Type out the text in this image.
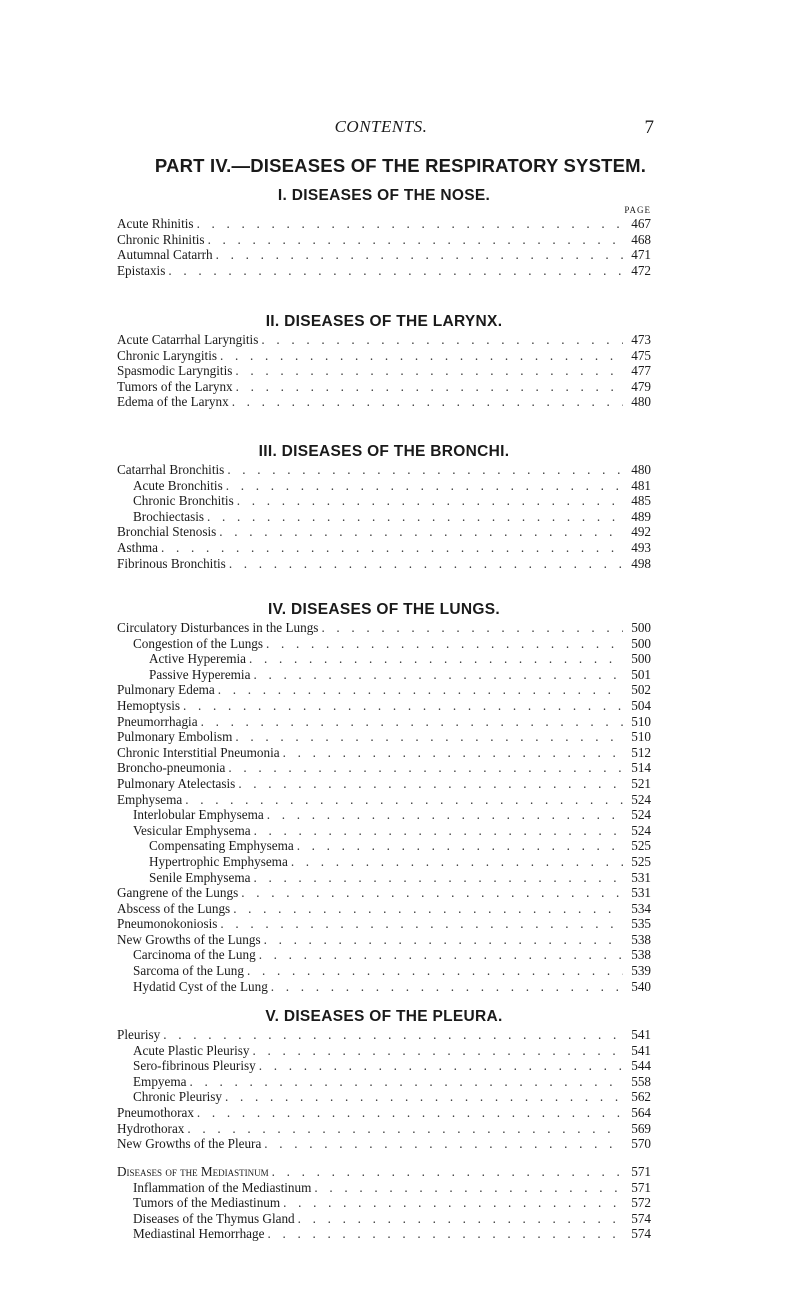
CONTENTS.	7
PART IV.—DISEASES OF THE RESPIRATORY SYSTEM.
I. DISEASES OF THE NOSE.
PAGE
Acute Rhinitis . . .	467
Chronic Rhinitis . . .	468
Autumnal Catarrh . . .	471
Epistaxis . . .	472
II. DISEASES OF THE LARYNX.
Acute Catarrhal Laryngitis . . .	473
Chronic Laryngitis . . .	475
Spasmodic Laryngitis . . .	477
Tumors of the Larynx . . .	479
Edema of the Larynx . . .	480
III. DISEASES OF THE BRONCHI.
Catarrhal Bronchitis . . .	480
Acute Bronchitis . . .	481
Chronic Bronchitis . . .	485
Brochiectasis . . .	489
Bronchial Stenosis . . .	492
Asthma . . .	493
Fibrinous Bronchitis . . .	498
IV. DISEASES OF THE LUNGS.
Circulatory Disturbances in the Lungs . . .	500
Congestion of the Lungs . . .	500
Active Hyperemia . . .	500
Passive Hyperemia . . .	501
Pulmonary Edema . . .	502
Hemoptysis . . .	504
Pneumorrhagia . . .	510
Pulmonary Embolism . . .	510
Chronic Interstitial Pneumonia . . .	512
Broncho-pneumonia . . .	514
Pulmonary Atelectasis . . .	521
Emphysema . . .	524
Interlobular Emphysema . . .	524
Vesicular Emphysema . . .	524
Compensating Emphysema . . .	525
Hypertrophic Emphysema . . .	525
Senile Emphysema . . .	531
Gangrene of the Lungs . . .	531
Abscess of the Lungs . . .	534
Pneumonokoniosis . . .	535
New Growths of the Lungs . . .	538
Carcinoma of the Lung . . .	538
Sarcoma of the Lung . . .	539
Hydatid Cyst of the Lung . . .	540
V. DISEASES OF THE PLEURA.
Pleurisy . . .	541
Acute Plastic Pleurisy . . .	541
Sero-fibrinous Pleurisy . . .	544
Empyema . . .	558
Chronic Pleurisy . . .	562
Pneumothorax . . .	564
Hydrothorax . . .	569
New Growths of the Pleura . . .	570
Diseases of the Mediastinum . . .	571
Inflammation of the Mediastinum . . .	571
Tumors of the Mediastinum . . .	572
Diseases of the Thymus Gland . . .	574
Mediastinal Hemorrhage . . .	574
